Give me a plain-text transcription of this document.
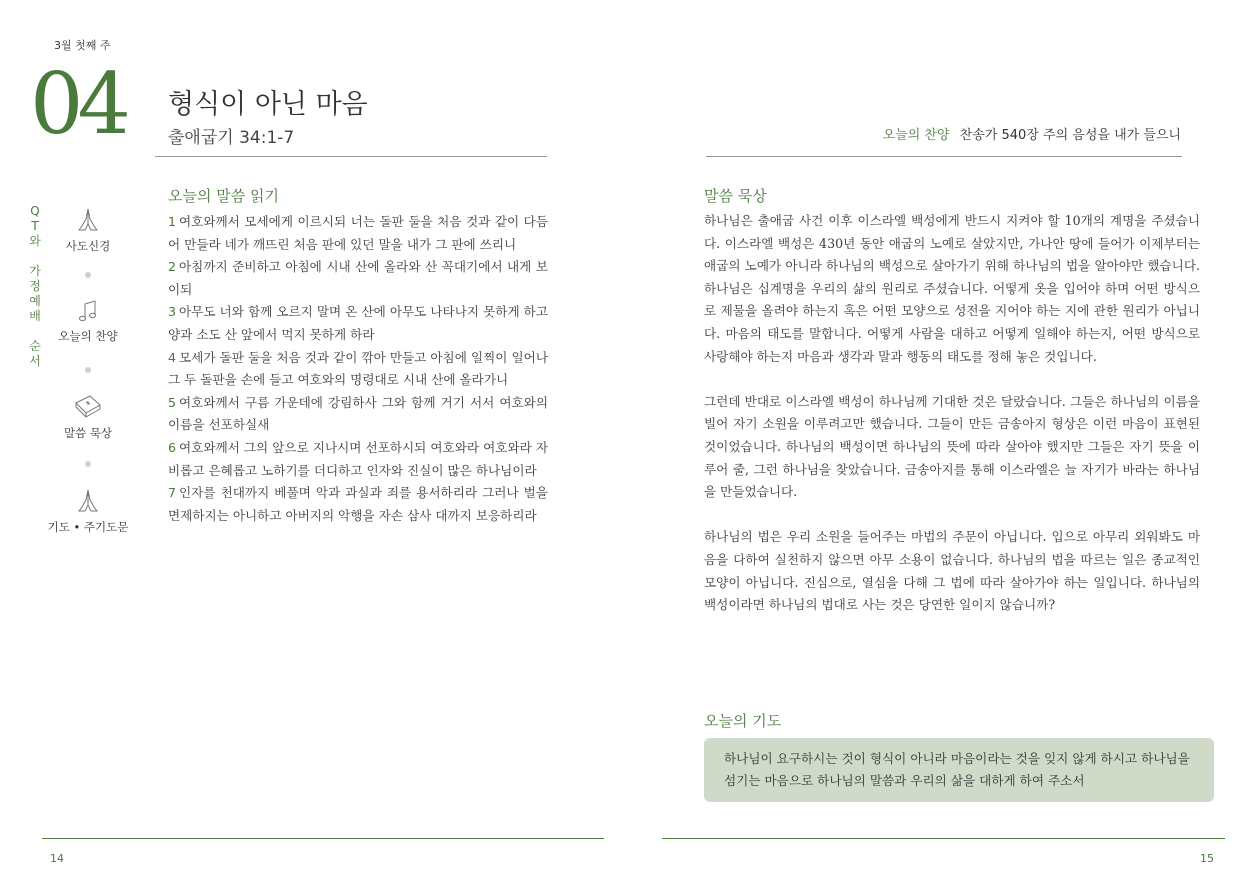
3월 첫째 주
04 형식이 아닌 마음
출애굽기 34:1-7	오늘의 찬양 찬송가 540장 주의 음성을 내가 들으니
Q
T
와
가
정
예
배
순
서
사도신경
오늘의 찬양
말씀 묵상
기도 • 주기도문
오늘의 말씀 읽기
1 여호와께서 모세에게 이르시되 너는 돌판 둘을 처음 것과 같이 다듬어 만들라 네가 깨뜨린 처음 판에 있던 말을 내가 그 판에 쓰리니
2 아침까지 준비하고 아침에 시내 산에 올라와 산 꼭대기에서 내게 보이되
3 아무도 너와 함께 오르지 말며 온 산에 아무도 나타나지 못하게 하고 양과 소도 산 앞에서 먹지 못하게 하라
4 모세가 돌판 둘을 처음 것과 같이 깎아 만들고 아침에 일찍이 일어나 그 두 돌판을 손에 들고 여호와의 명령대로 시내 산에 올라가니
5 여호와께서 구름 가운데에 강림하사 그와 함께 거기 서서 여호와의 이름을 선포하실새
6 여호와께서 그의 앞으로 지나시며 선포하시되 여호와라 여호와라 자비롭고 은혜롭고 노하기를 더디하고 인자와 진실이 많은 하나님이라
7 인자를 천대까지 베풀며 악과 과실과 죄를 용서하리라 그러나 벌을 면제하지는 아니하고 아버지의 악행을 자손 삼사 대까지 보응하리라
말씀 묵상

하나님은 출애굽 사건 이후 이스라엘 백성에게 반드시 지켜야 할 10개의 계명을 주셨습니다. 이스라엘 백성은 430년 동안 애굽의 노예로 살았지만, 가나안 땅에 들어가 이제부터는 애굽의 노예가 아니라 하나님의 백성으로 살아가기 위해 하나님의 법을 알아야만 했습니다. 하나님은 십계명을 우리의 삶의 원리로 주셨습니다. 어떻게 옷을 입어야 하며 어떤 방식으로 제물을 올려야 하는지 혹은 어떤 모양으로 성전을 지어야 하는 지에 관한 원리가 아닙니다. 마음의 태도를 말합니다. 어떻게 사람을 대하고 어떻게 일해야 하는지, 어떤 방식으로 사랑해야 하는지 마음과 생각과 말과 행동의 태도를 정해 놓은 것입니다.

그런데 반대로 이스라엘 백성이 하나님께 기대한 것은 달랐습니다. 그들은 하나님의 이름을 빌어 자기 소원을 이루려고만 했습니다. 그들이 만든 금송아지 형상은 이런 마음이 표현된 것이었습니다. 하나님의 백성이면 하나님의 뜻에 따라 살아야 했지만 그들은 자기 뜻을 이루어 줄, 그런 하나님을 찾았습니다. 금송아지를 통해 이스라엘은 늘 자기가 바라는 하나님을 만들었습니다.

하나님의 법은 우리 소원을 들어주는 마법의 주문이 아닙니다. 입으로 아무리 외워봐도 마음을 다하여 실천하지 않으면 아무 소용이 없습니다. 하나님의 법을 따르는 일은 종교적인 모양이 아닙니다. 진심으로, 열심을 다해 그 법에 따라 살아가야 하는 일입니다. 하나님의 백성이라면 하나님의 법대로 사는 것은 당연한 일이지 않습니까?

오늘의 기도
하나님이 요구하시는 것이 형식이 아니라 마음이라는 것을 잊지 않게 하시고 하나님을 섬기는 마음으로 하나님의 말씀과 우리의 삶을 대하게 하여 주소서
14	15
